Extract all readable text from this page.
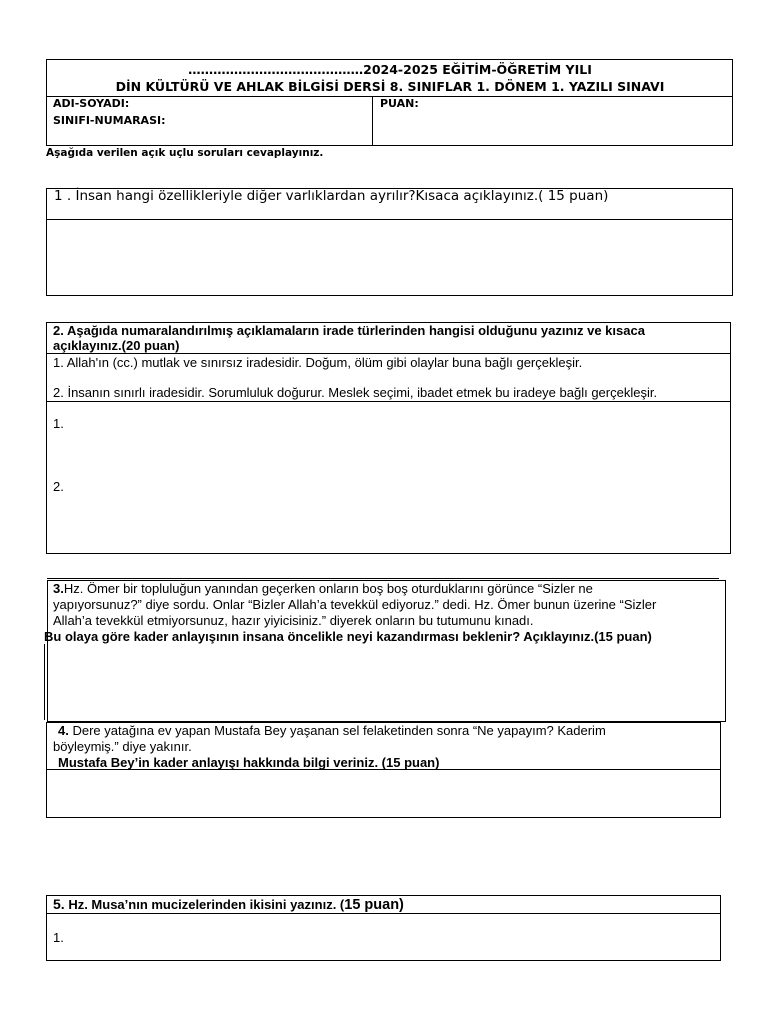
……………………………………2024-2025 EĞİTİM-ÖĞRETİM YILI
DİN KÜLTÜRÜ VE AHLAK BİLGİSİ DERSİ 8. SINIFLAR 1. DÖNEM 1. YAZILI SINAVI
ADI-SOYADI:
SINIFI-NUMARASI:
PUAN:
Aşağıda verilen açık uçlu soruları cevaplayınız.
1 . İnsan hangi özellikleriyle diğer varlıklardan ayrılır?Kısaca açıklayınız.( 15 puan)
2. Aşağıda numaralandırılmış açıklamaların irade türlerinden hangisi olduğunu yazınız ve kısaca
açıklayınız.(20 puan)
1. Allah'ın (cc.) mutlak ve sınırsız iradesidir. Doğum, ölüm gibi olaylar buna bağlı gerçekleşir.
2. İnsanın sınırlı iradesidir. Sorumluluk doğurur. Meslek seçimi, ibadet etmek bu iradeye bağlı gerçekleşir.
1.
2.
3.Hz. Ömer bir topluluğun yanından geçerken onların boş boş oturduklarını görünce “Sizler ne
yapıyorsunuz?” diye sordu. Onlar “Bizler Allah’a tevekkül ediyoruz.” dedi. Hz. Ömer bunun üzerine “Sizler
Allah’a tevekkül etmiyorsunuz, hazır yiyicisiniz.” diyerek onların bu tutumunu kınadı.
Bu olaya göre kader anlayışının insana öncelikle neyi kazandırması beklenir? Açıklayınız.(15 puan)
4. Dere yatağına ev yapan Mustafa Bey yaşanan sel felaketinden sonra “Ne yapayım? Kaderim
böyleymiş.” diye yakınır.
Mustafa Bey’in kader anlayışı hakkında bilgi veriniz. (15 puan)
5. Hz. Musa’nın mucizelerinden ikisini yazınız. (15 puan)
1.
